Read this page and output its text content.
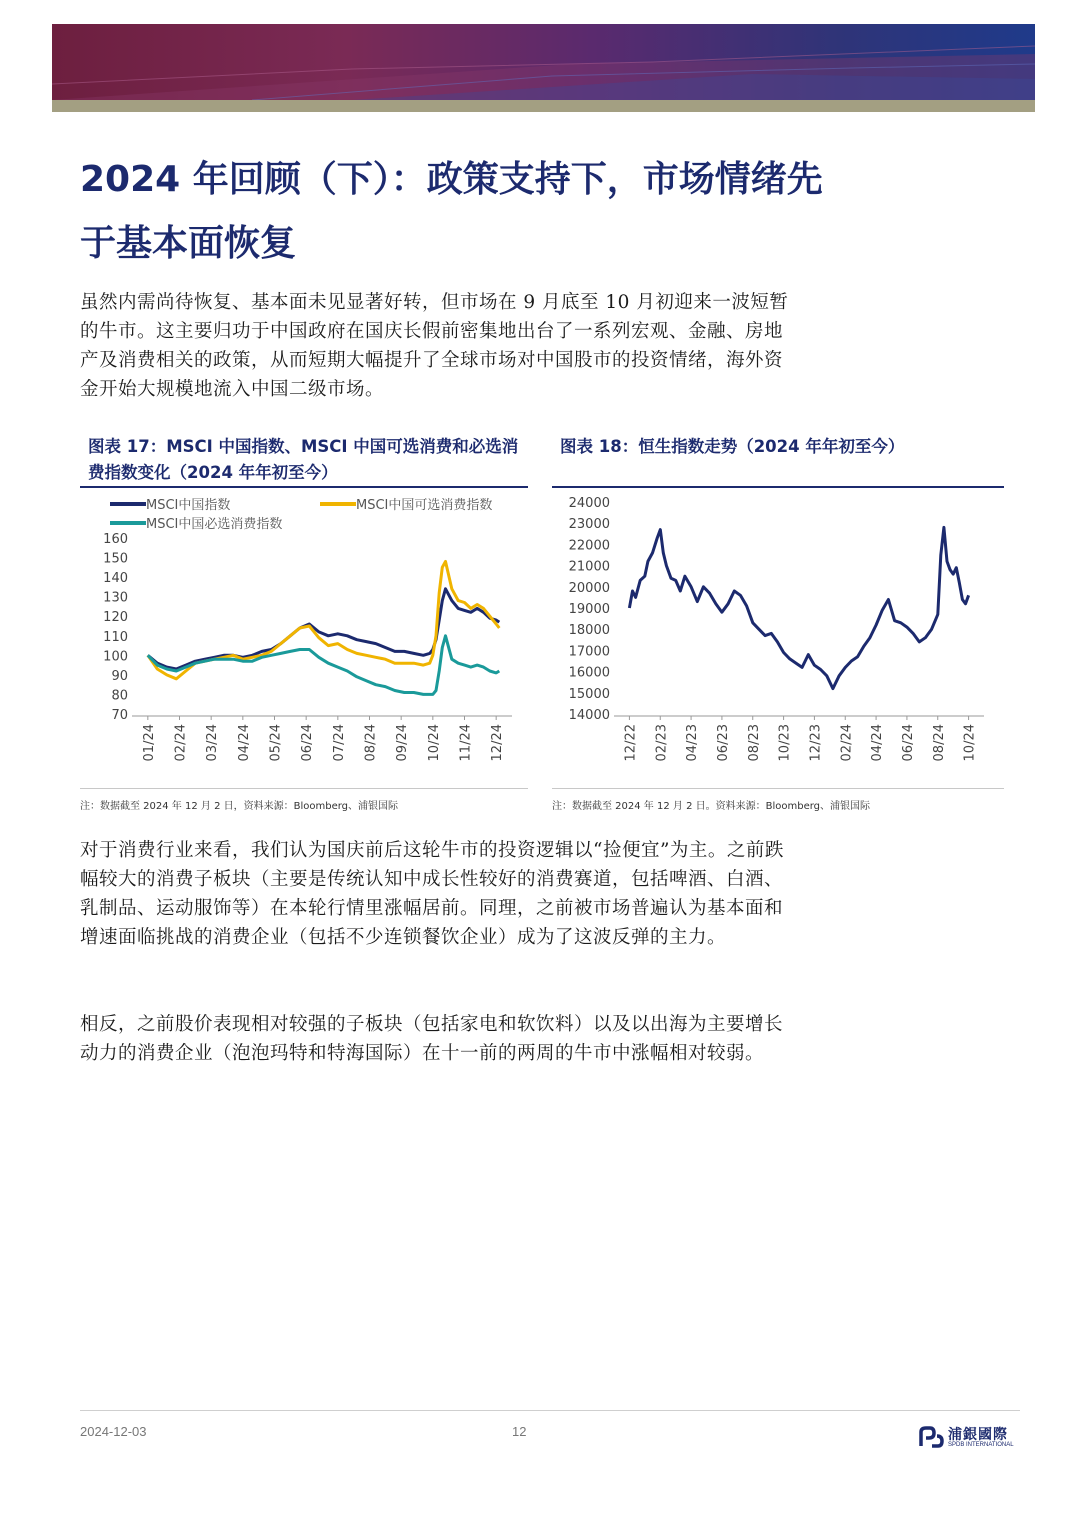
2024 年回顾（下）：政策支持下，市场情绪先于基本面恢复

虽然内需尚待恢复、基本面未见显著好转，但市场在 9 月底至 10 月初迎来一波短暂的牛市。这主要归功于中国政府在国庆长假前密集地出台了一系列宏观、金融、房地产及消费相关的政策，从而短期大幅提升了全球市场对中国股市的投资情绪，海外资金开始大规模地流入中国二级市场。

图表 17：MSCI 中国指数、MSCI 中国可选消费和必选消费指数变化（2024 年年初至今）

MSCI中国指数	MSCI中国可选消费指数
MSCI中国必选消费指数
70
80
90
100
110
120
130
140
150
160
01/24 02/24 03/24 04/24 05/24 06/24 07/24 08/24 09/24 10/24 11/24 12/24
注：数据截至 2024 年 12 月 2 日，资料来源：Bloomberg、浦银国际

图表 18：恒生指数走势（2024 年年初至今）

14000
15000
16000
17000
18000
19000
20000
21000
22000
23000
24000
12/22 02/23 04/23 06/23 08/23 10/23 12/23 02/24 04/24 06/24 08/24 10/24
注：数据截至 2024 年 12 月 2 日。资料来源：Bloomberg、浦银国际

对于消费行业来看，我们认为国庆前后这轮牛市的投资逻辑以“捡便宜”为主。之前跌幅较大的消费子板块（主要是传统认知中成长性较好的消费赛道，包括啤酒、白酒、乳制品、运动服饰等）在本轮行情里涨幅居前。同理，之前被市场普遍认为基本面和增速面临挑战的消费企业（包括不少连锁餐饮企业）成为了这波反弹的主力。

相反，之前股价表现相对较强的子板块（包括家电和软饮料）以及以出海为主要增长动力的消费企业（泡泡玛特和特海国际）在十一前的两周的牛市中涨幅相对较弱。

2024-12-03	12	浦銀國際
SPDB INTERNATIONAL
